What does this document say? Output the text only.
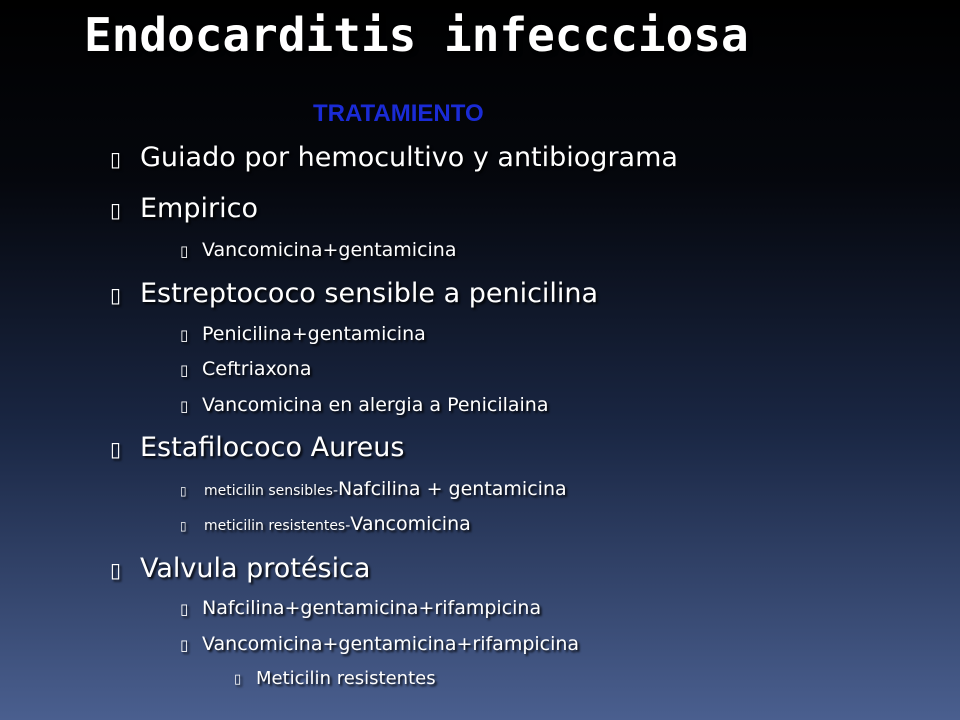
Endocarditis infeccciosa
TRATAMIENTO
▯ Guiado por hemocultivo y antibiograma
▯ Empirico
▯ Vancomicina+gentamicina
▯ Estreptococo sensible a penicilina
▯ Penicilina+gentamicina
▯ Ceftriaxona
▯ Vancomicina en alergia a Penicilaina
▯ Estafilococo Aureus
▯ meticilin sensibles-Nafcilina + gentamicina
▯ meticilin resistentes-Vancomicina
▯ Valvula protésica
▯ Nafcilina+gentamicina+rifampicina
▯ Vancomicina+gentamicina+rifampicina
▯ Meticilin resistentes
